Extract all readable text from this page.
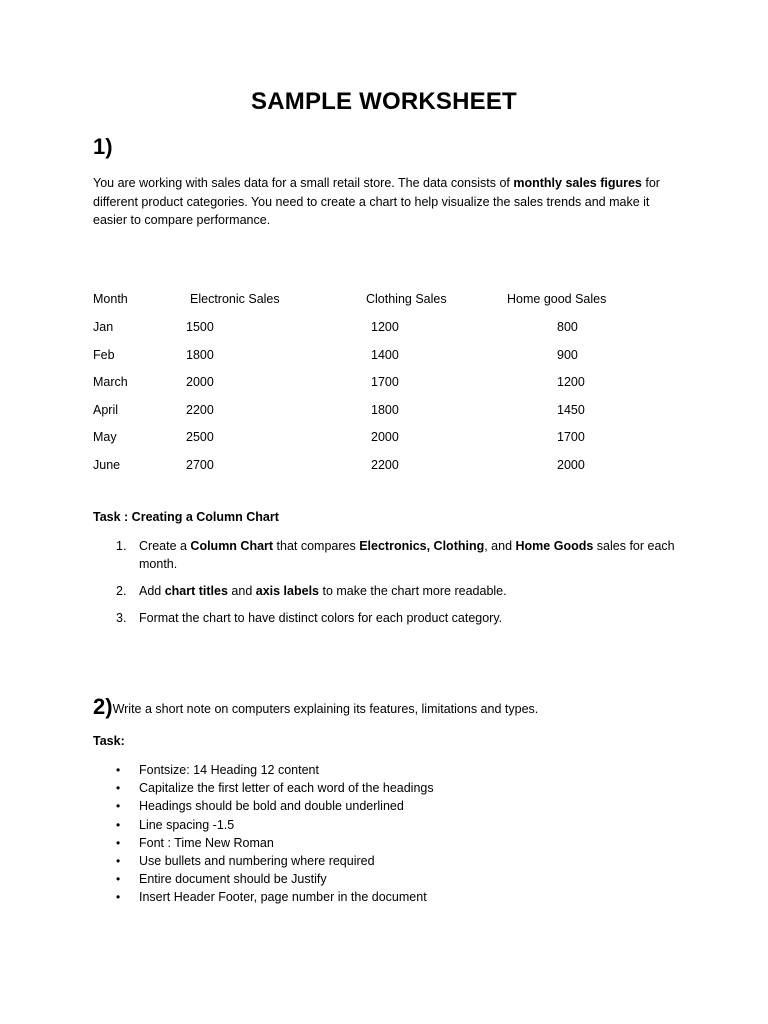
SAMPLE WORKSHEET
1)
You are working with sales data for a small retail store. The data consists of monthly sales figures for different product categories. You need to create a chart to help visualize the sales trends and make it easier to compare performance.
Month	Electronic Sales	Clothing Sales	Home good Sales
Jan	1500	1200	800
Feb	1800	1400	900
March	2000	1700	1200
April	2200	1800	1450
May	2500	2000	1700
June	2700	2200	2000
Task : Creating a Column Chart
1. Create a Column Chart that compares Electronics, Clothing, and Home Goods sales for each month.
2. Add chart titles and axis labels to make the chart more readable.
3. Format the chart to have distinct colors for each product category.
2)Write a short note on computers explaining its features, limitations and types.
Task:
• Fontsize: 14 Heading 12 content
• Capitalize the first letter of each word of the headings
• Headings should be bold and double underlined
• Line spacing -1.5
• Font : Time New Roman
• Use bullets and numbering where required
• Entire document should be Justify
• Insert Header Footer, page number in the document
